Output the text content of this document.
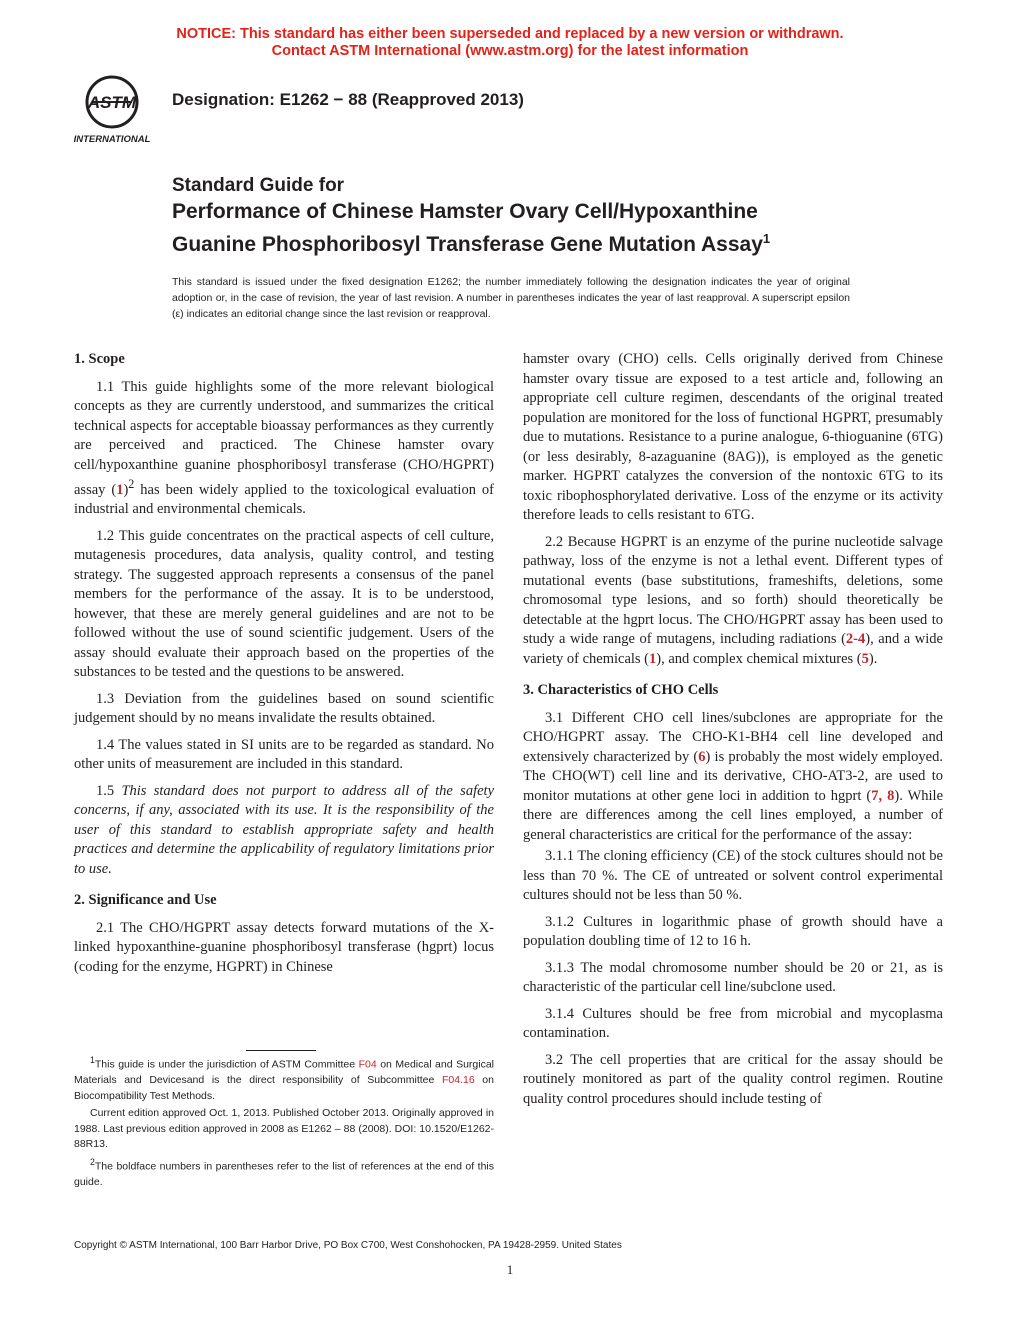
NOTICE: This standard has either been superseded and replaced by a new version or withdrawn.
Contact ASTM International (www.astm.org) for the latest information
ASTM
INTERNATIONAL
Designation: E1262 − 88 (Reapproved 2013)
Standard Guide for
Performance of Chinese Hamster Ovary Cell/Hypoxanthine
Guanine Phosphoribosyl Transferase Gene Mutation Assay$^1$
This standard is issued under the fixed designation E1262; the number immediately following the designation indicates the year of original adoption or, in the case of revision, the year of last revision. A number in parentheses indicates the year of last reapproval. A superscript epsilon (ε) indicates an editorial change since the last revision or reapproval.
1. Scope

1.1 This guide highlights some of the more relevant biological concepts as they are currently understood, and summarizes the critical technical aspects for acceptable bioassay performances as they currently are perceived and practiced. The Chinese hamster ovary cell/hypoxanthine guanine phosphoribosyl transferase (CHO/HGPRT) assay $(1)^2$ has been widely applied to the toxicological evaluation of industrial and environmental chemicals.

1.2 This guide concentrates on the practical aspects of cell culture, mutagenesis procedures, data analysis, quality control, and testing strategy. The suggested approach represents a consensus of the panel members for the performance of the assay. It is to be understood, however, that these are merely general guidelines and are not to be followed without the use of sound scientific judgement. Users of the assay should evaluate their approach based on the properties of the substances to be tested and the questions to be answered.

1.3 Deviation from the guidelines based on sound scientific judgement should by no means invalidate the results obtained.

1.4 The values stated in SI units are to be regarded as standard. No other units of measurement are included in this standard.

1.5 This standard does not purport to address all of the safety concerns, if any, associated with its use. It is the responsibility of the user of this standard to establish appropriate safety and health practices and determine the applicability of regulatory limitations prior to use.

2. Significance and Use

2.1 The CHO/HGPRT assay detects forward mutations of the X-linked hypoxanthine-guanine phosphoribosyl transferase (hgprt) locus (coding for the enzyme, HGPRT) in Chinese

hamster ovary (CHO) cells. Cells originally derived from Chinese hamster ovary tissue are exposed to a test article and, following an appropriate cell culture regimen, descendants of the original treated population are monitored for the loss of functional HGPRT, presumably due to mutations. Resistance to a purine analogue, 6-thioguanine (6TG) (or less desirably, 8-azaguanine (8AG)), is employed as the genetic marker. HGPRT catalyzes the conversion of the nontoxic 6TG to its toxic ribophosphorylated derivative. Loss of the enzyme or its activity therefore leads to cells resistant to 6TG.

2.2 Because HGPRT is an enzyme of the purine nucleotide salvage pathway, loss of the enzyme is not a lethal event. Different types of mutational events (base substitutions, frameshifts, deletions, some chromosomal type lesions, and so forth) should theoretically be detectable at the hgprt locus. The CHO/HGPRT assay has been used to study a wide range of mutagens, including radiations (2-4), and a wide variety of chemicals (1), and complex chemical mixtures (5).

3. Characteristics of CHO Cells

3.1 Different CHO cell lines/subclones are appropriate for the CHO/HGPRT assay. The CHO-K1-BH4 cell line developed and extensively characterized by (6) is probably the most widely employed. The CHO(WT) cell line and its derivative, CHO-AT3-2, are used to monitor mutations at other gene loci in addition to hgprt (7, 8). While there are differences among the cell lines employed, a number of general characteristics are critical for the performance of the assay:

3.1.1 The cloning efficiency (CE) of the stock cultures should not be less than 70 %. The CE of untreated or solvent control experimental cultures should not be less than 50 %.

3.1.2 Cultures in logarithmic phase of growth should have a population doubling time of 12 to 16 h.

3.1.3 The modal chromosome number should be 20 or 21, as is characteristic of the particular cell line/subclone used.

3.1.4 Cultures should be free from microbial and mycoplasma contamination.

3.2 The cell properties that are critical for the assay should be routinely monitored as part of the quality control regimen. Routine quality control procedures should include testing of

$^1$This guide is under the jurisdiction of ASTM Committee F04 on Medical and Surgical Materials and Devicesand is the direct responsibility of Subcommittee F04.16 on Biocompatibility Test Methods.

Current edition approved Oct. 1, 2013. Published October 2013. Originally approved in 1988. Last previous edition approved in 2008 as E1262 – 88 (2008). DOI: 10.1520/E1262-88R13.

$^2$The boldface numbers in parentheses refer to the list of references at the end of this guide.

Copyright © ASTM International, 100 Barr Harbor Drive, PO Box C700, West Conshohocken, PA 19428-2959. United States
1
